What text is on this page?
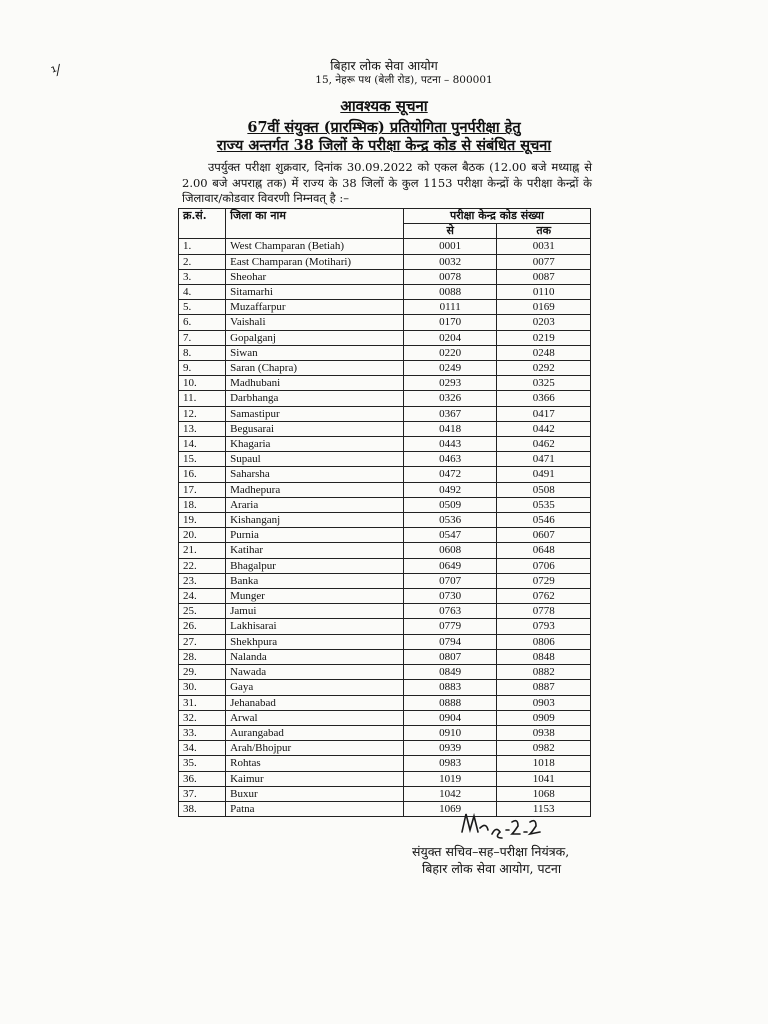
⅟	बिहार लोक सेवा आयोग
15, नेहरू पथ (बेली रोड), पटना – 800001
आवश्यक सूचना
67वीं संयुक्त (प्रारम्भिक) प्रतियोगिता पुनर्परीक्षा हेतु
राज्य अन्तर्गत 38 जिलों के परीक्षा केन्द्र कोड से संबंधित सूचना
उपर्युक्त परीक्षा शुक्रवार, दिनांक 30.09.2022 को एकल बैठक (12.00 बजे मध्याह्न से 2.00 बजे अपराह्न तक) में राज्य के 38 जिलों के कुल 1153 परीक्षा केन्द्रों के परीक्षा केन्द्रों के जिलावार/कोडवार विवरणी निम्नवत् है :–
क्र.सं.	जिला का नाम	परीक्षा केन्द्र कोड संख्या	
		से	तक
1.	West Champaran (Betiah)	0001	0031
2.	East Champaran (Motihari)	0032	0077
3.	Sheohar	0078	0087
4.	Sitamarhi	0088	0110
5.	Muzaffarpur	0111	0169
6.	Vaishali	0170	0203
7.	Gopalganj	0204	0219
8.	Siwan	0220	0248
9.	Saran (Chapra)	0249	0292
10.	Madhubani	0293	0325
11.	Darbhanga	0326	0366
12.	Samastipur	0367	0417
13.	Begusarai	0418	0442
14.	Khagaria	0443	0462
15.	Supaul	0463	0471
16.	Saharsha	0472	0491
17.	Madhepura	0492	0508
18.	Araria	0509	0535
19.	Kishanganj	0536	0546
20.	Purnia	0547	0607
21.	Katihar	0608	0648
22.	Bhagalpur	0649	0706
23.	Banka	0707	0729
24.	Munger	0730	0762
25.	Jamui	0763	0778
26.	Lakhisarai	0779	0793
27.	Shekhpura	0794	0806
28.	Nalanda	0807	0848
29.	Nawada	0849	0882
30.	Gaya	0883	0887
31.	Jehanabad	0888	0903
32.	Arwal	0904	0909
33.	Aurangabad	0910	0938
34.	Arah/Bhojpur	0939	0982
35.	Rohtas	0983	1018
36.	Kaimur	1019	1041
37.	Buxur	1042	1068
38.	Patna	1069	1153
संयुक्त सचिव–सह–परीक्षा नियंत्रक,
बिहार लोक सेवा आयोग, पटना
